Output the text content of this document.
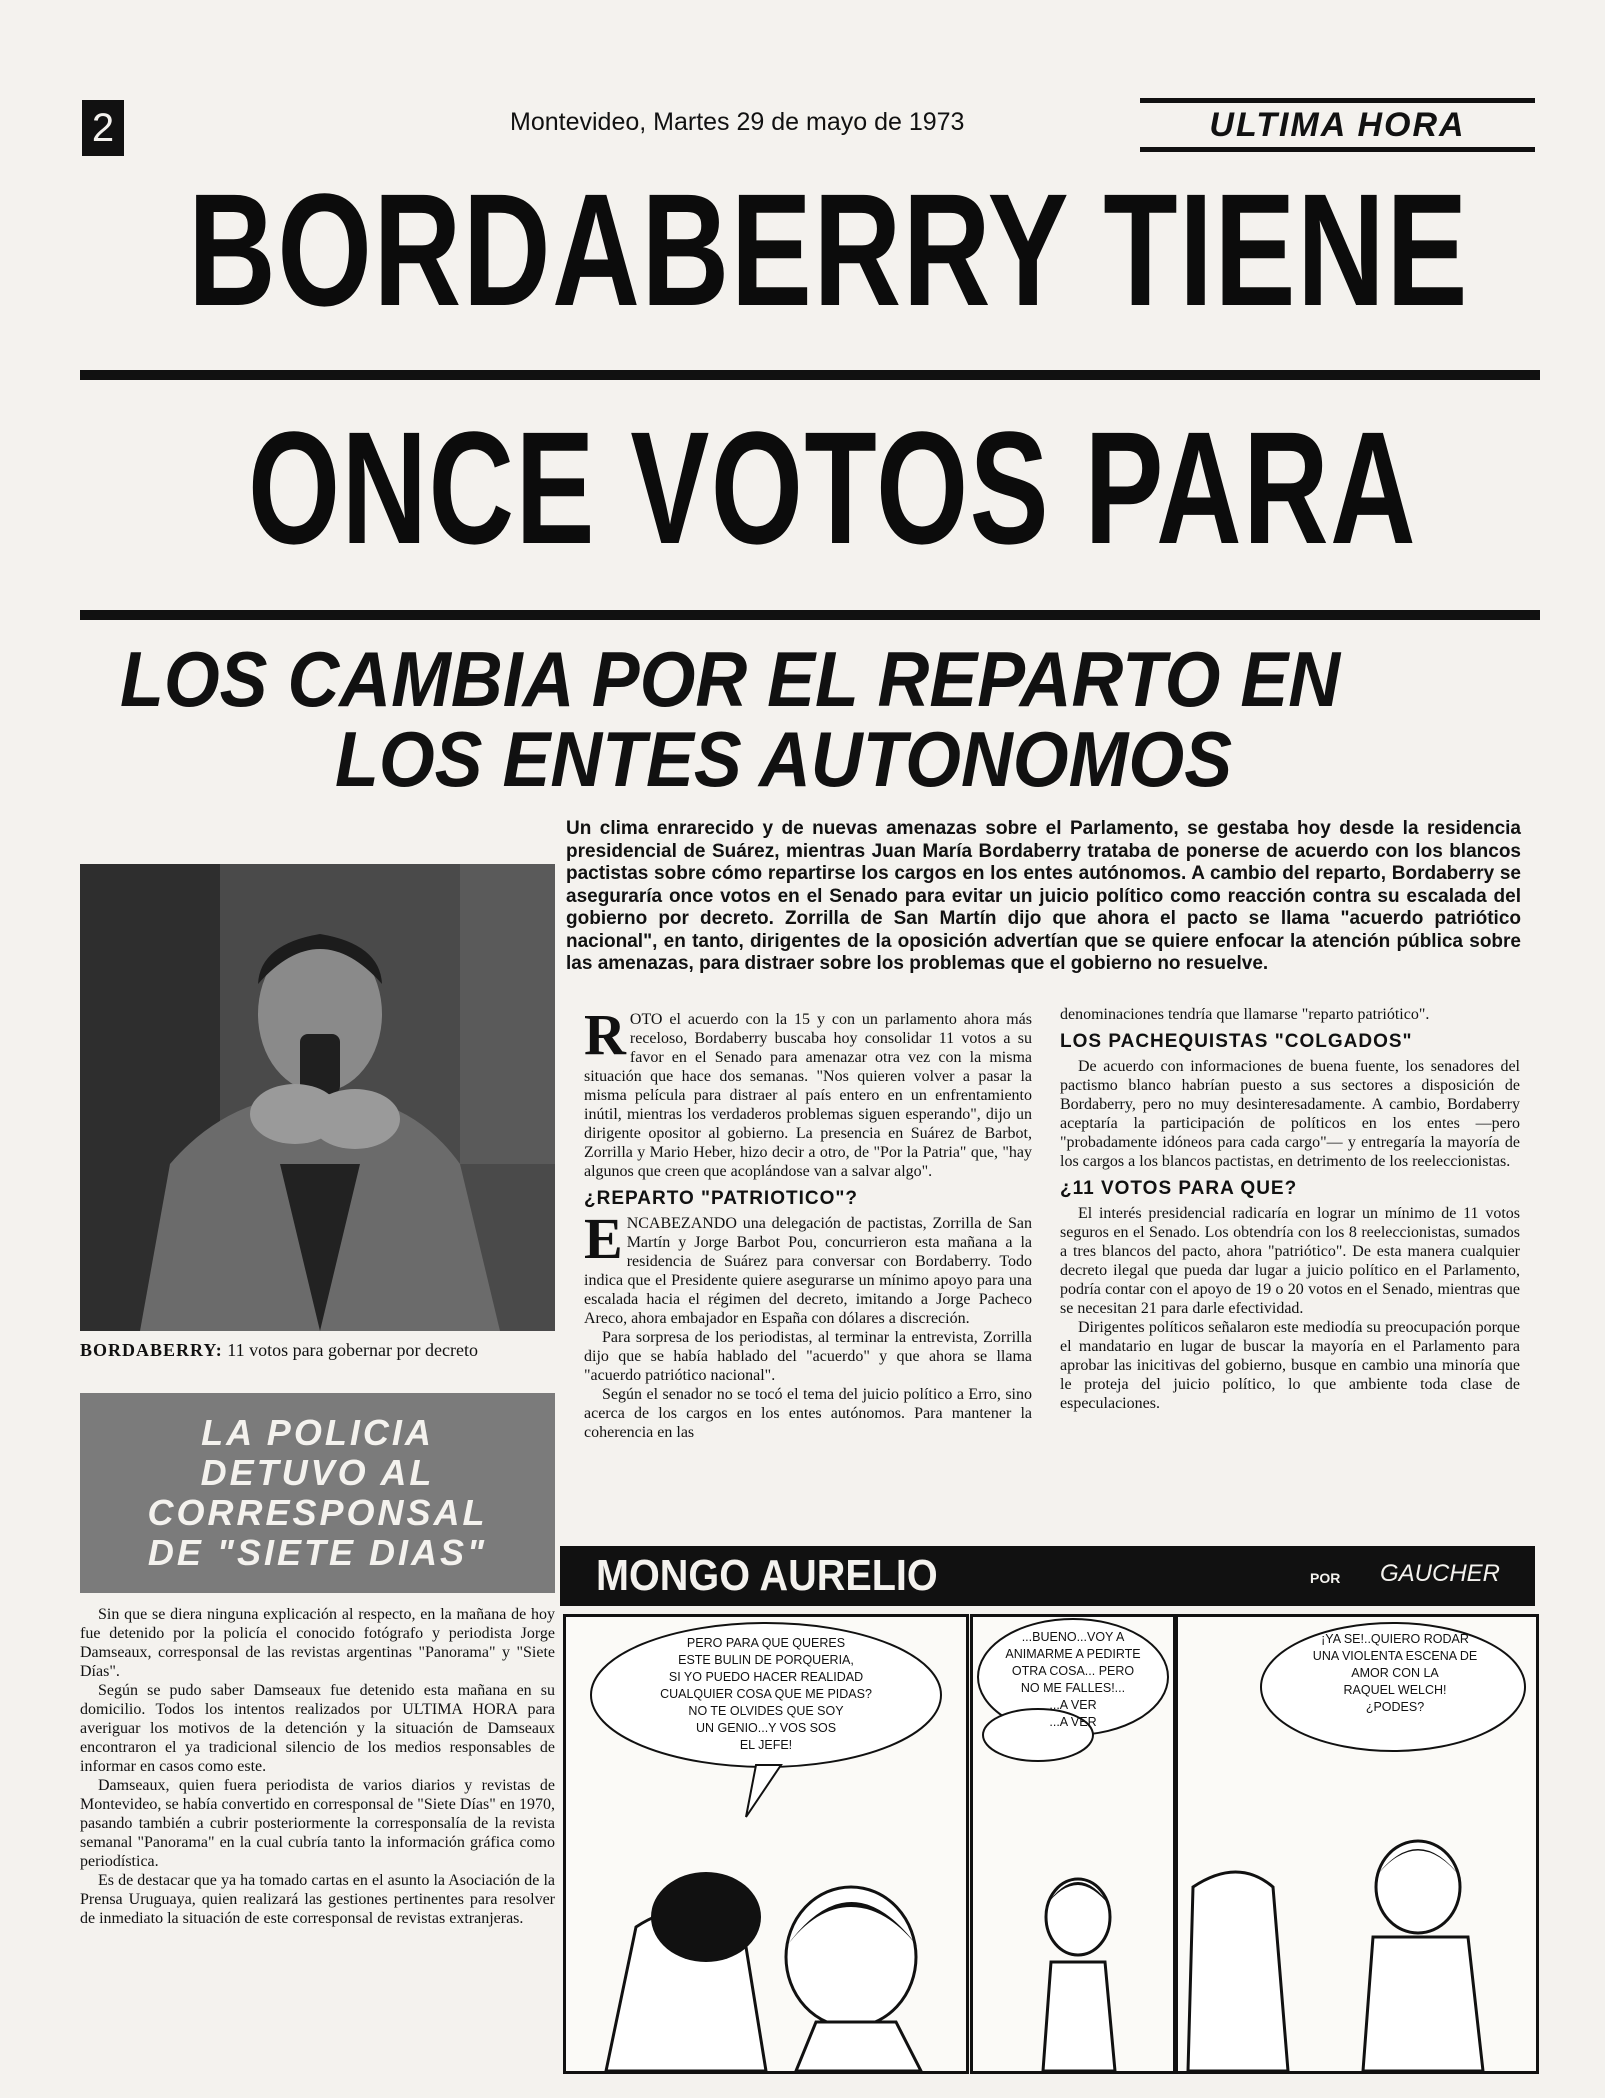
2	Montevideo, Martes 29 de mayo de 1973	ULTIMA HORA
BORDABERRY TIENE
ONCE VOTOS PARA
LOS CAMBIA POR EL REPARTO EN
LOS ENTES AUTONOMOS
Un clima enrarecido y de nuevas amenazas sobre el Parlamento, se gestaba hoy desde la residencia presidencial de Suárez, mientras Juan María Bordaberry trataba de ponerse de acuerdo con los blancos pactistas sobre cómo repartirse los cargos en los entes autónomos. A cambio del reparto, Bordaberry se aseguraría once votos en el Senado para evitar un juicio político como reacción contra su escalada del gobierno por decreto. Zorrilla de San Martín dijo que ahora el pacto se llama "acuerdo patriótico nacional", en tanto, dirigentes de la oposición advertían que se quiere enfocar la atención pública sobre las amenazas, para distraer sobre los problemas que el gobierno no resuelve.
BORDABERRY: 11 votos para gobernar por decreto
LA POLICIA
DETUVO AL
CORRESPONSAL
DE "SIETE DIAS"

ROTO el acuerdo con la 15 y con un parlamento ahora más receloso, Bordaberry buscaba hoy consolidar 11 votos a su favor en el Senado para amenazar otra vez con la misma situación que hace dos semanas. "Nos quieren volver a pasar la misma película para distraer al país entero en un enfrentamiento inútil, mientras los verdaderos problemas siguen esperando", dijo un dirigente opositor al gobierno. La presencia en Suárez de Barbot, Zorrilla y Mario Heber, hizo decir a otro, de "Por la Patria" que, "hay algunos que creen que acoplándose van a salvar algo".

¿REPARTO "PATRIOTICO"?

ENCABEZANDO una delegación de pactistas, Zorrilla de San Martín y Jorge Barbot Pou, concurrieron esta mañana a la residencia de Suárez para conversar con Bordaberry. Todo indica que el Presidente quiere asegurarse un mínimo apoyo para una escalada hacia el régimen del decreto, imitando a Jorge Pacheco Areco, ahora embajador en España con dólares a discreción.

Para sorpresa de los periodistas, al terminar la entrevista, Zorrilla dijo que se había hablado del "acuerdo" y que ahora se llama "acuerdo patriótico nacional".

Según el senador no se tocó el tema del juicio político a Erro, sino acerca de los cargos en los entes autónomos. Para mantener la coherencia en las

denominaciones tendría que llamarse "reparto patriótico".

LOS PACHEQUISTAS "COLGADOS"

De acuerdo con informaciones de buena fuente, los senadores del pactismo blanco habrían puesto a sus sectores a disposición de Bordaberry, pero no muy desinteresadamente. A cambio, Bordaberry aceptaría la participación de políticos en los entes —pero "probadamente idóneos para cada cargo"— y entregaría la mayoría de los cargos a los blancos pactistas, en detrimento de los reeleccionistas.

¿11 VOTOS PARA QUE?

El interés presidencial radicaría en lograr un mínimo de 11 votos seguros en el Senado. Los obtendría con los 8 reeleccionistas, sumados a tres blancos del pacto, ahora "patriótico". De esta manera cualquier decreto ilegal que pueda dar lugar a juicio político en el Parlamento, podría contar con el apoyo de 19 o 20 votos en el Senado, mientras que se necesitan 21 para darle efectividad.

Dirigentes políticos señalaron este mediodía su preocupación porque el mandatario en lugar de buscar la mayoría en el Parlamento para aprobar las inicitivas del gobierno, busque en cambio una minoría que le proteja del juicio político, lo que ambiente toda clase de especulaciones.

Sin que se diera ninguna explicación al respecto, en la mañana de hoy fue detenido por la policía el conocido fotógrafo y periodista Jorge Damseaux, corresponsal de las revistas argentinas "Panorama" y "Siete Días".

Según se pudo saber Damseaux fue detenido esta mañana en su domicilio. Todos los intentos realizados por ULTIMA HORA para averiguar los motivos de la detención y la situación de Damseaux encontraron el ya tradicional silencio de los medios responsables de informar en casos como este.

Damseaux, quien fuera periodista de varios diarios y revistas de Montevideo, se había convertido en corresponsal de "Siete Días" en 1970, pasando también a cubrir posteriormente la corresponsalía de la revista semanal "Panorama" en la cual cubría tanto la información gráfica como periodística.

Es de destacar que ya ha tomado cartas en el asunto la Asociación de la Prensa Uruguaya, quien realizará las gestiones pertinentes para resolver de inmediato la situación de este corresponsal de revistas extranjeras.

MONGO AURELIO	POR GAUCHER
PERO PARA QUE QUERES
ESTE BULIN DE PORQUERIA,
SI YO PUEDO HACER REALIDAD
CUALQUIER COSA QUE ME PIDAS?
NO TE OLVIDES QUE SOY
UN GENIO...Y VOS SOS
EL JEFE!
...BUENO...VOY A
ANIMARME A PEDIRTE
OTRA COSA... PERO
NO ME FALLES!...
...A VER
...A VER
¡YA SE!..QUIERO RODAR
UNA VIOLENTA ESCENA DE
AMOR CON LA
RAQUEL WELCH!
¿PODES?
